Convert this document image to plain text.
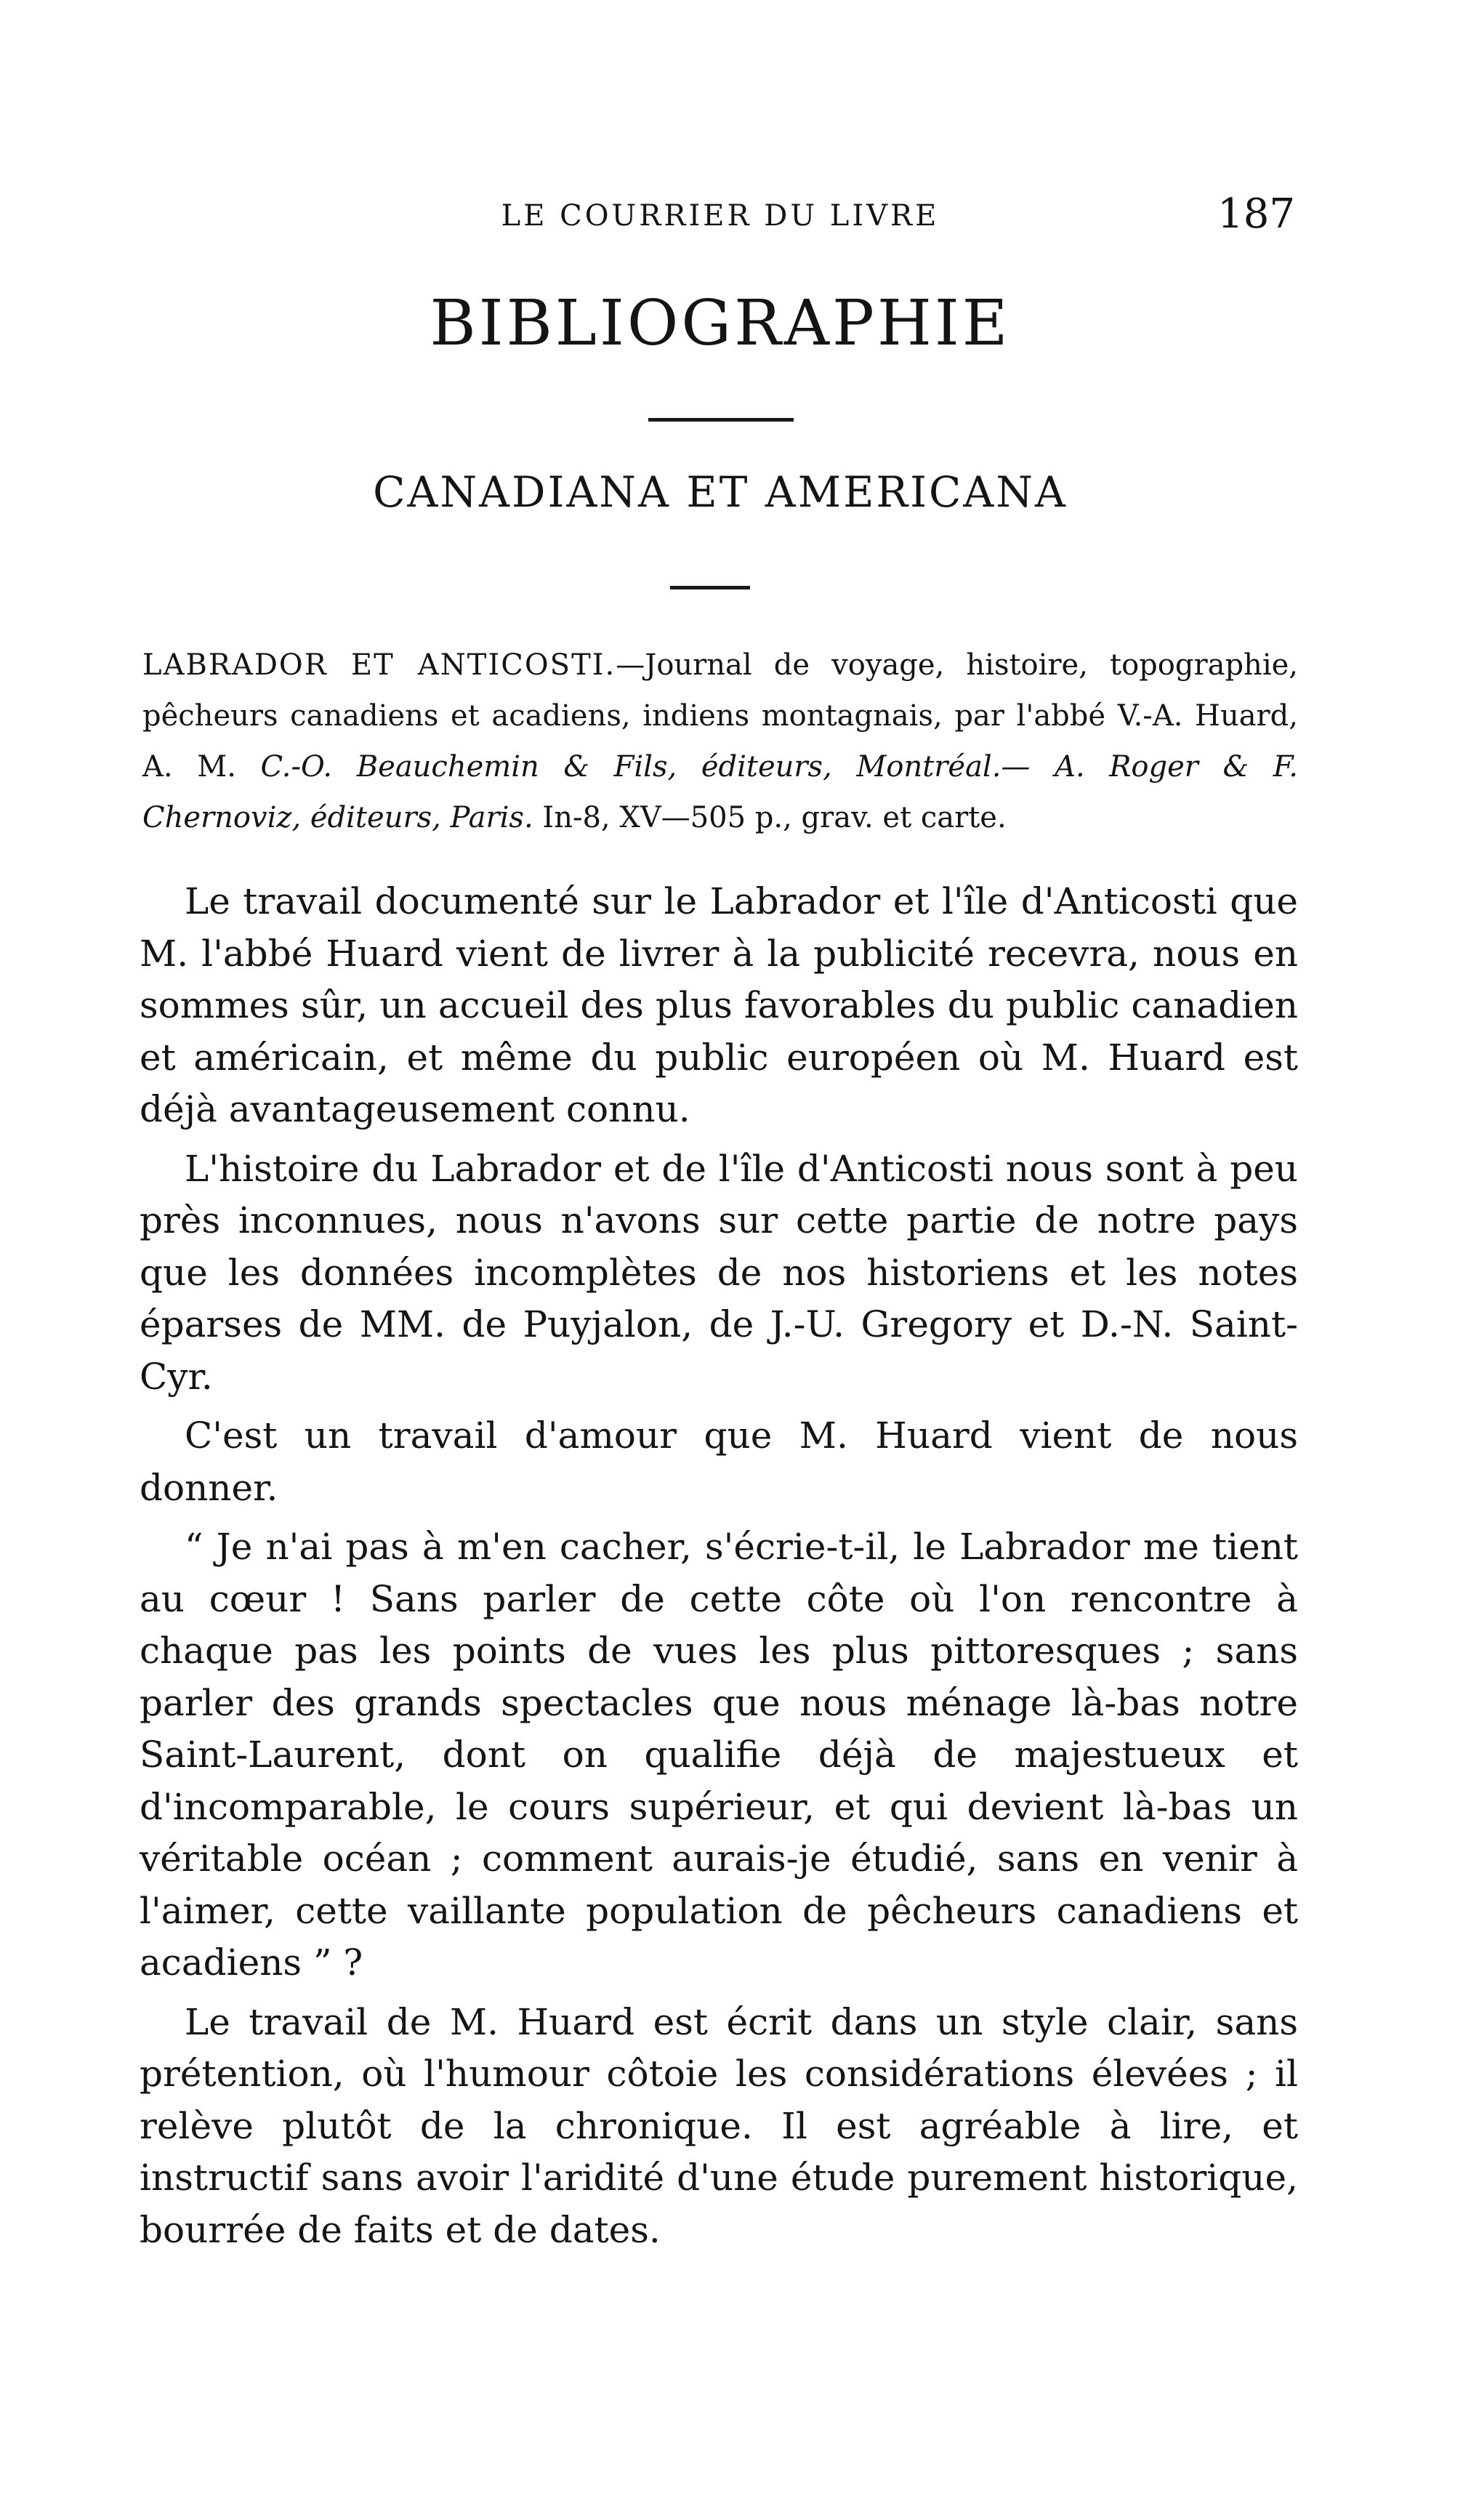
LE COURRIER DU LIVRE	187
BIBLIOGRAPHIE
CANADIANA ET AMERICANA
LABRADOR ET ANTICOSTI.—Journal de voyage, histoire, topographie, pêcheurs canadiens et acadiens, indiens montagnais, par l'abbé V.-A. Huard, A. M. C.-O. Beauchemin & Fils, éditeurs, Montréal.— A. Roger & F. Chernoviz, éditeurs, Paris. In-8, XV—505 p., grav. et carte.

Le travail documenté sur le Labrador et l'île d'Anticosti que M. l'abbé Huard vient de livrer à la publicité recevra, nous en sommes sûr, un accueil des plus favorables du public canadien et américain, et même du public européen où M. Huard est déjà avantageusement connu.

L'histoire du Labrador et de l'île d'Anticosti nous sont à peu près inconnues, nous n'avons sur cette partie de notre pays que les données incomplètes de nos historiens et les notes éparses de MM. de Puyjalon, de J.-U. Gregory et D.-N. Saint-Cyr.

C'est un travail d'amour que M. Huard vient de nous donner.

“ Je n'ai pas à m'en cacher, s'écrie-t-il, le Labrador me tient au cœur ! Sans parler de cette côte où l'on rencontre à chaque pas les points de vues les plus pittoresques ; sans parler des grands spectacles que nous ménage là-bas notre Saint-Laurent, dont on qualifie déjà de majestueux et d'incomparable, le cours supérieur, et qui devient là-bas un véritable océan ; comment aurais-je étudié, sans en venir à l'aimer, cette vaillante population de pêcheurs canadiens et acadiens ” ?

Le travail de M. Huard est écrit dans un style clair, sans prétention, où l'humour côtoie les considérations élevées ; il relève plutôt de la chronique. Il est agréable à lire, et instructif sans avoir l'aridité d'une étude purement historique, bourrée de faits et de dates.
